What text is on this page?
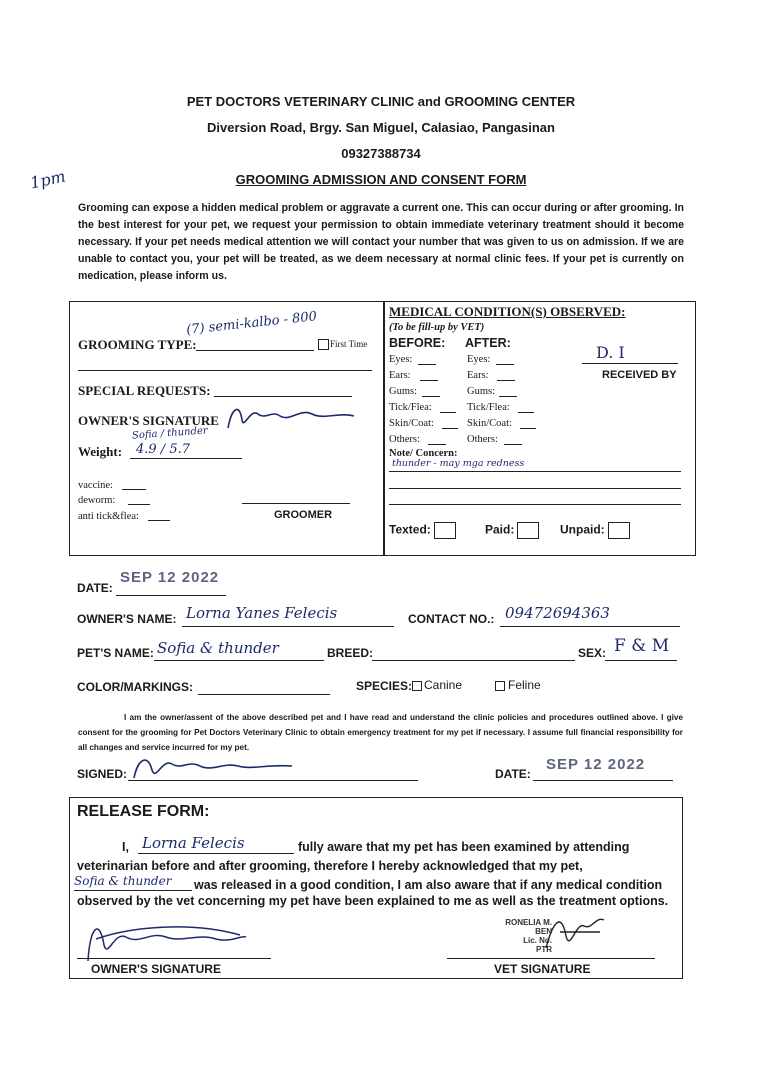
PET DOCTORS VETERINARY CLINIC and GROOMING CENTER
Diversion Road, Brgy. San Miguel, Calasiao, Pangasinan
09327388734
GROOMING ADMISSION AND CONSENT FORM
1pm
Grooming can expose a hidden medical problem or aggravate a current one. This can occur during or after grooming. In the best interest for your pet, we request your permission to obtain immediate veterinary treatment should it become necessary. If your pet needs medical attention we will contact your number that was given to us on admission. If we are unable to contact you, your pet will be treated, as we deem necessary at normal clinic fees. If your pet is currently on medication, please inform us.
GROOMING TYPE:
(7) semi-kalbo - 800
First Time
SPECIAL REQUESTS:
OWNER'S SIGNATURE
Sofia / thunder
Weight: 4.9 / 5.7
vaccine:
deworm:
anti tick&flea:	GROOMER
MEDICAL CONDITION(S) OBSERVED:
(To be fill-up by VET)
BEFORE: AFTER:
Eyes:	Eyes:
Ears:	Ears:
Gums:	Gums:
Tick/Flea:	Tick/Flea:
Skin/Coat:	Skin/Coat:
Others:	Others:
D. I
RECEIVED BY
Note/ Concern:
thunder - may mga redness
Texted:	Paid:	Unpaid:
DATE:
SEP 12 2022
OWNER'S NAME: Lorna Yanes Felecis	CONTACT NO.: 09472694363
PET'S NAME: Sofia & thunder	BREED:	SEX: F & M
COLOR/MARKINGS:	SPECIES: Canine	Feline
I am the owner/assent of the above described pet and I have read and understand the clinic policies and procedures outlined above. I give consent for the grooming for Pet Doctors Veterinary Clinic to obtain emergency treatment for my pet if necessary. I assume full financial responsibility for all changes and service incurred for my pet.
SIGNED:	DATE:
SEP 12 2022
RELEASE FORM:
I, Lorna Felecis	fully aware that my pet has been examined by attending
veterinarian before and after grooming, therefore I hereby acknowledged that my pet,
Sofia & thunder was released in a good condition, I am also aware that if any medical condition
observed by the vet concerning my pet have been explained to me as well as the treatment options.
OWNER'S SIGNATURE
RONELIA M. BEN
Lic. No.
PTR
VET SIGNATURE
